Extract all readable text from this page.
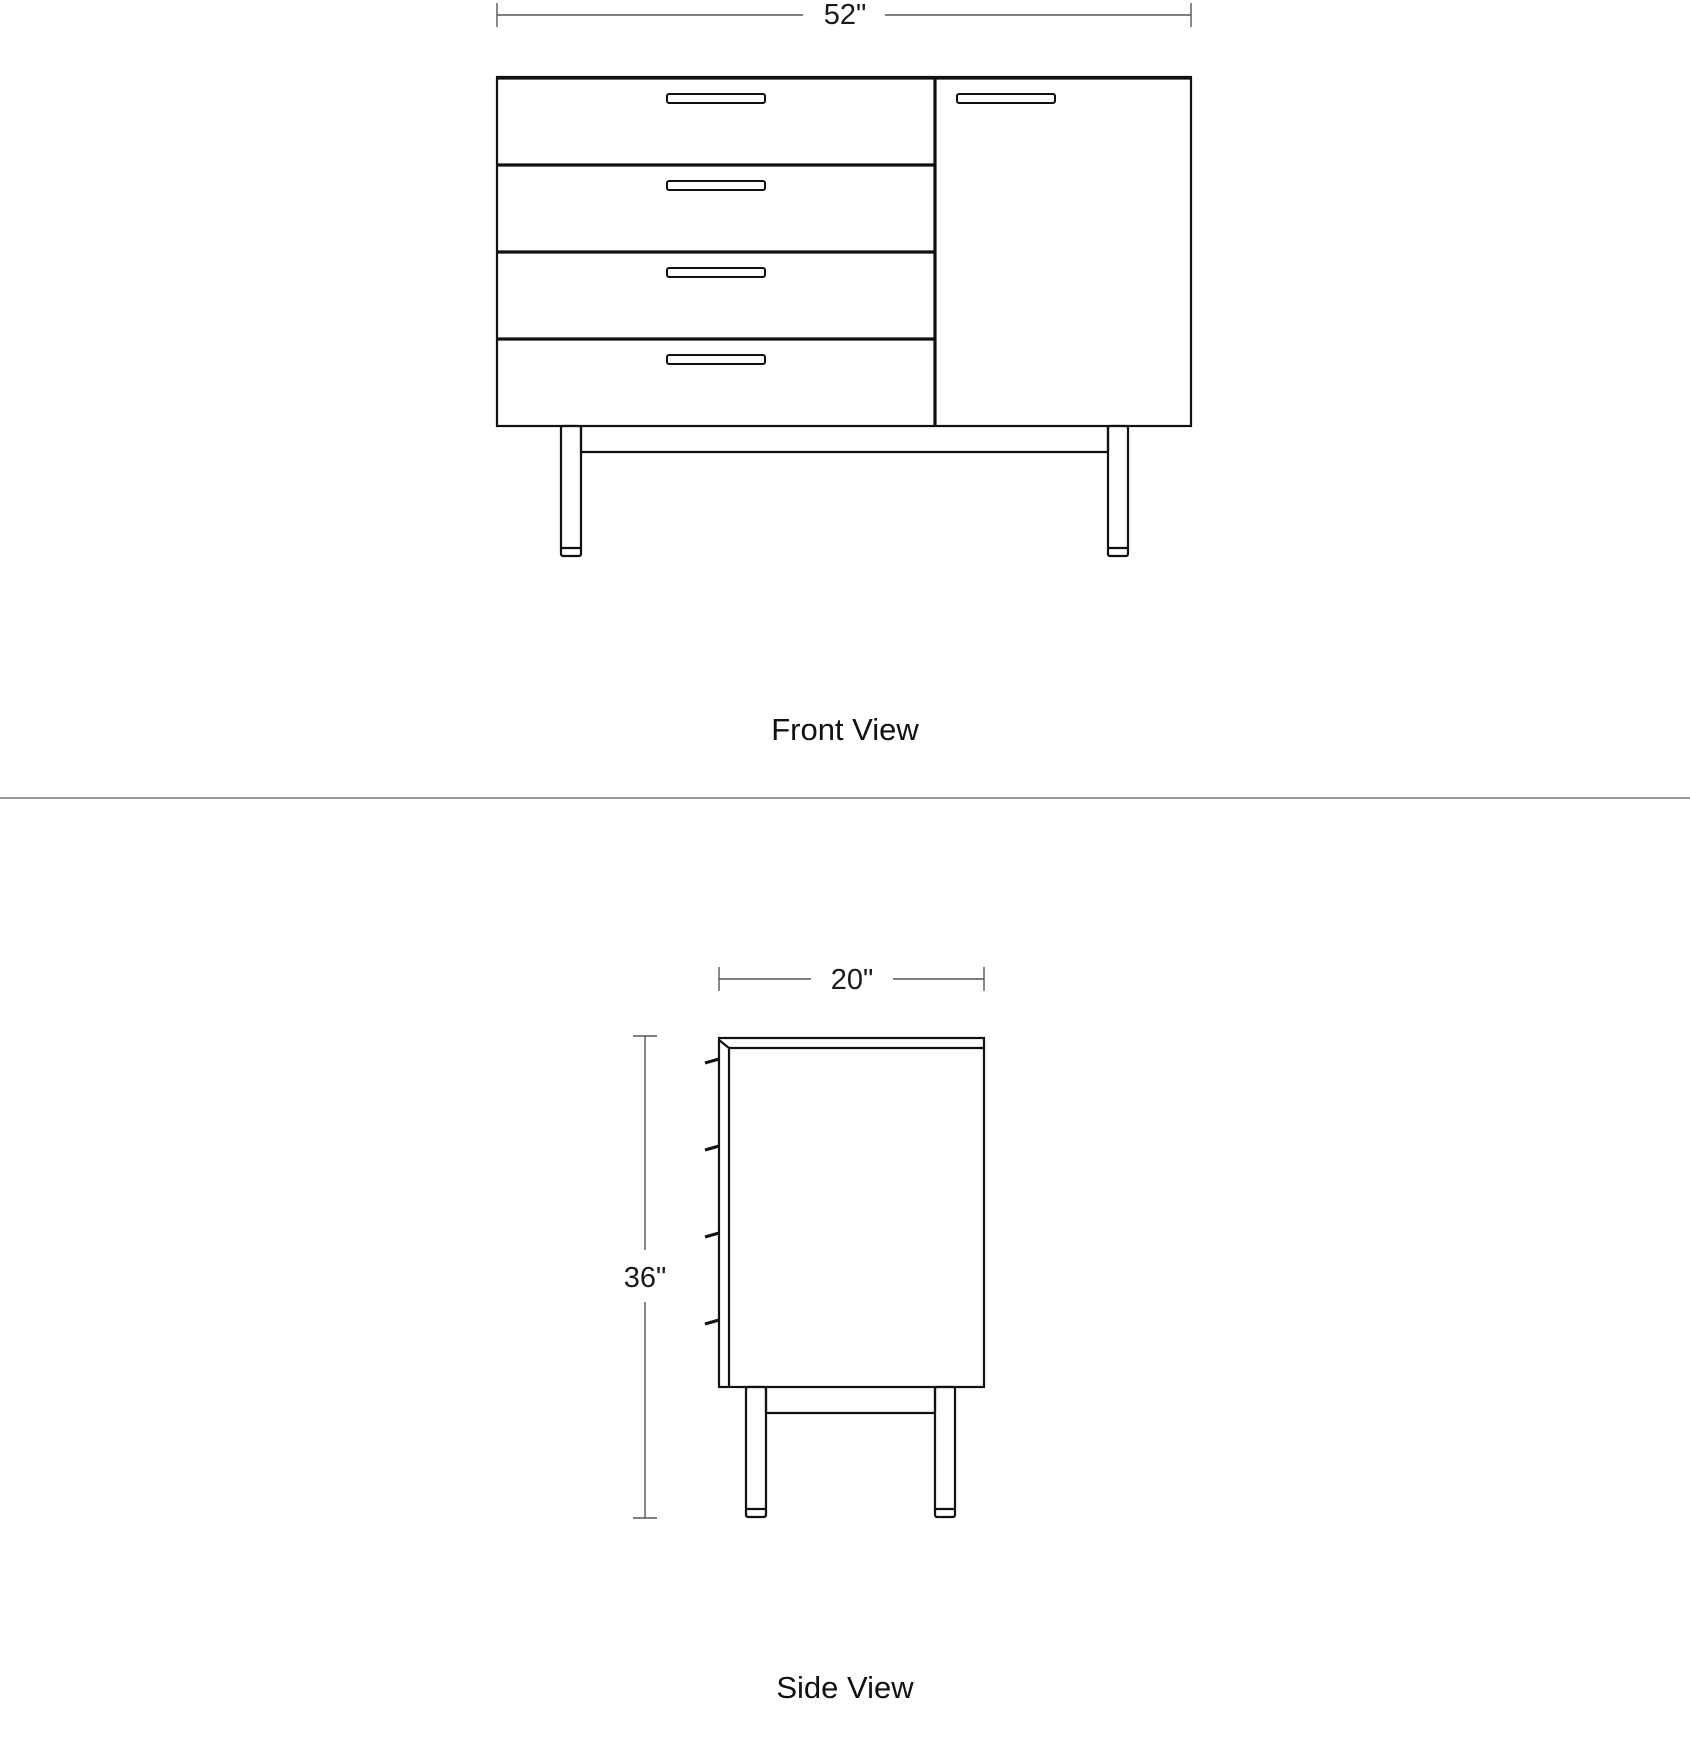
52"
Front View
20"
36"
Side View
